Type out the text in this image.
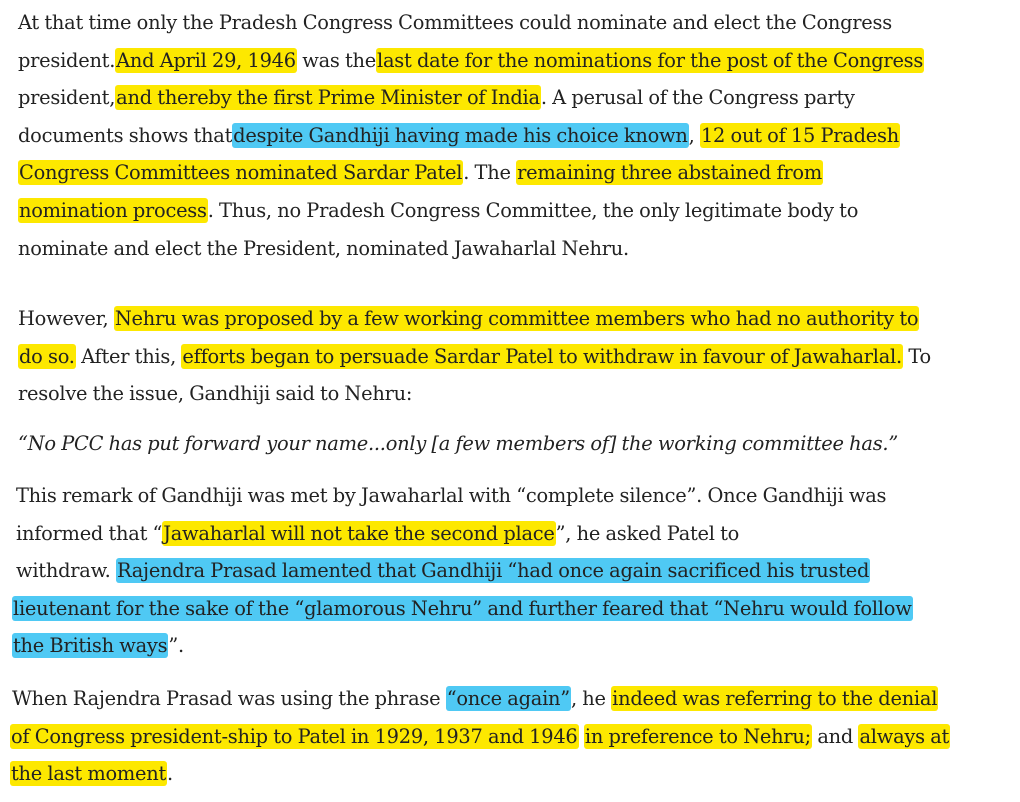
At that time only the Pradesh Congress Committees could nominate and elect the Congress
president.And April 29, 1946 was thelast date for the nominations for the post of the Congress
president,and thereby the first Prime Minister of India. A perusal of the Congress party
documents shows thatdespite Gandhiji having made his choice known, 12 out of 15 Pradesh
Congress Committees nominated Sardar Patel. The remaining three abstained from
nomination process. Thus, no Pradesh Congress Committee, the only legitimate body to
nominate and elect the President, nominated Jawaharlal Nehru.

However, Nehru was proposed by a few working committee members who had no authority to
do so. After this, efforts began to persuade Sardar Patel to withdraw in favour of Jawaharlal. To
resolve the issue, Gandhiji said to Nehru:

“No PCC has put forward your name...only [a few members of] the working committee has.”

This remark of Gandhiji was met by Jawaharlal with “complete silence”. Once Gandhiji was
informed that “Jawaharlal will not take the second place”, he asked Patel to
withdraw. Rajendra Prasad lamented that Gandhiji “had once again sacrificed his trusted
lieutenant for the sake of the “glamorous Nehru” and further feared that “Nehru would follow
the British ways”.

When Rajendra Prasad was using the phrase “once again”, he indeed was referring to the denial
of Congress president-ship to Patel in 1929, 1937 and 1946 in preference to Nehru; and always at
the last moment.
